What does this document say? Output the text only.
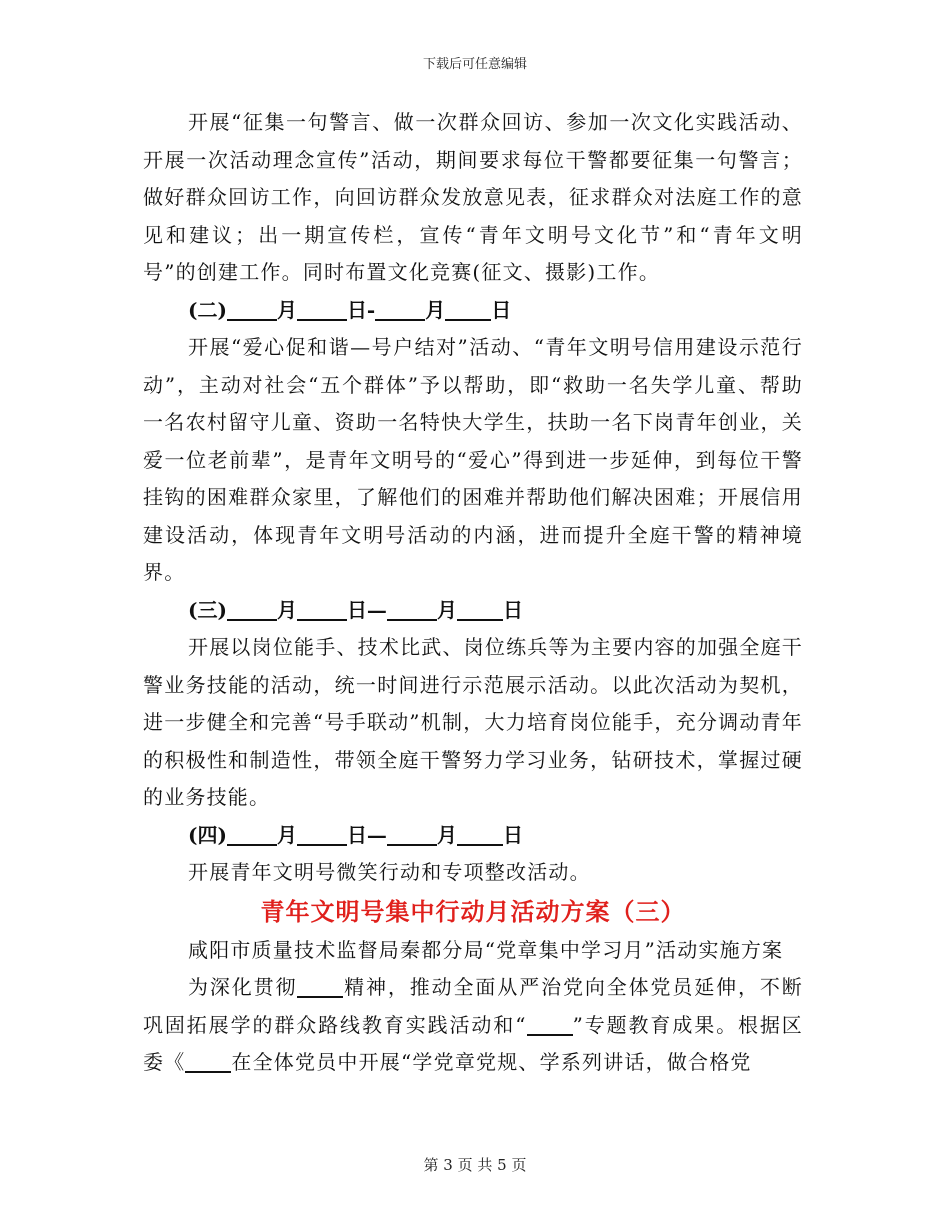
下载后可任意编辑

开展“征集一句警言、做一次群众回访、参加一次文化实践活动、开展一次活动理念宣传”活动，期间要求每位干警都要征集一句警言；做好群众回访工作，向回访群众发放意见表，征求群众对法庭工作的意见和建议；出一期宣传栏，宣传“青年文明号文化节”和“青年文明号”的创建工作。同时布置文化竞赛(征文、摄影)工作。

(二)	月	日-	月 日

开展“爱心促和谐—号户结对”活动、“青年文明号信用建设示范行动”，主动对社会“五个群体”予以帮助，即“救助一名失学儿童、帮助一名农村留守儿童、资助一名特快大学生，扶助一名下岗青年创业，关爱一位老前辈”，是青年文明号的“爱心”得到进一步延伸，到每位干警挂钩的困难群众家里，了解他们的困难并帮助他们解决困难；开展信用建设活动，体现青年文明号活动的内涵，进而提升全庭干警的精神境界。

(三)	月	日—	月 日

开展以岗位能手、技术比武、岗位练兵等为主要内容的加强全庭干警业务技能的活动，统一时间进行示范展示活动。以此次活动为契机，进一步健全和完善“号手联动”机制，大力培育岗位能手，充分调动青年的积极性和制造性，带领全庭干警努力学习业务，钻研技术，掌握过硬的业务技能。

(四)	月	日—	月 日

开展青年文明号微笑行动和专项整改活动。

青年文明号集中行动月活动方案（三）

咸阳市质量技术监督局秦都分局“党章集中学习月”活动实施方案

为深化贯彻 精神，推动全面从严治党向全体党员延伸，不断巩固拓展学的群众路线教育实践活动和“ ”专题教育成果。根据区委《 在全体党员中开展“学党章党规、学系列讲话，做合格党

第 3 页 共 5 页
